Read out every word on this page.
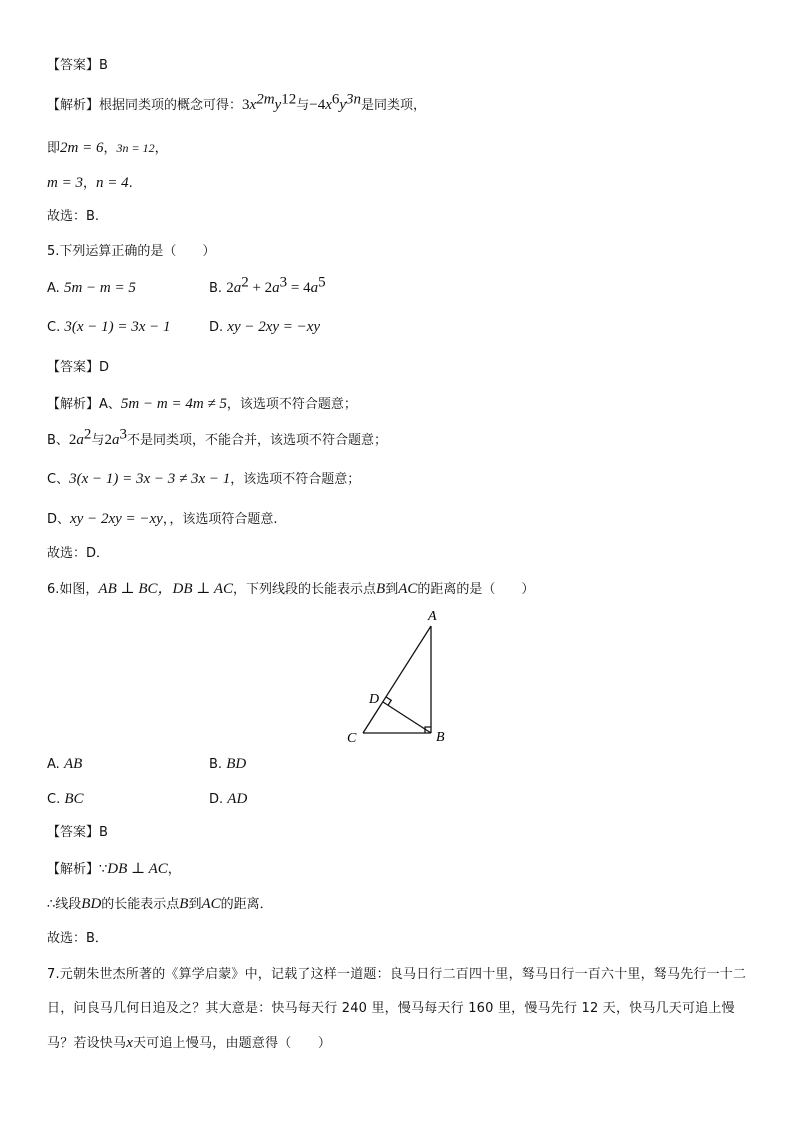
【答案】B
【解析】根据同类项的概念可得：$3x^{2m}y^{12}$与$-4x^6y^{3n}$是同类项，
即2m = 6，3n = 12，
m = 3，n = 4.
故选：B.
5.下列运算正确的是（　　）
A. 5m − m = 5	B. $2a^2 + 2a^3 = 4a^5$
C. 3(x − 1) = 3x − 1	D. xy − 2xy = −xy
【答案】D
【解析】A、5m − m = 4m ≠ 5，该选项不符合题意；
B、$2a^2$与$2a^3$不是同类项，不能合并，该选项不符合题意；
C、3(x − 1) = 3x − 3 ≠ 3x − 1，该选项不符合题意；
D、xy − 2xy = −xy，，该选项符合题意.
故选：D．
6.如图，AB ⊥ BC，DB ⊥ AC，下列线段的长能表示点B到AC的距离的是（　　）
A
B
C
D
A. AB	B. BD
C. BC	D. AD
【答案】B
【解析】∵DB ⊥ AC，
∴线段BD的长能表示点B到AC的距离．
故选：B．
7.元朝朱世杰所著的《算学启蒙》中，记载了这样一道题：良马日行二百四十里，驽马日行一百六十里，驽马先行一十二日，问良马几何日追及之？其大意是：快马每天行 240 里，慢马每天行 160 里，慢马先行 12 天，快马几天可追上慢马？若设快马x天可追上慢马，由题意得（　　）
